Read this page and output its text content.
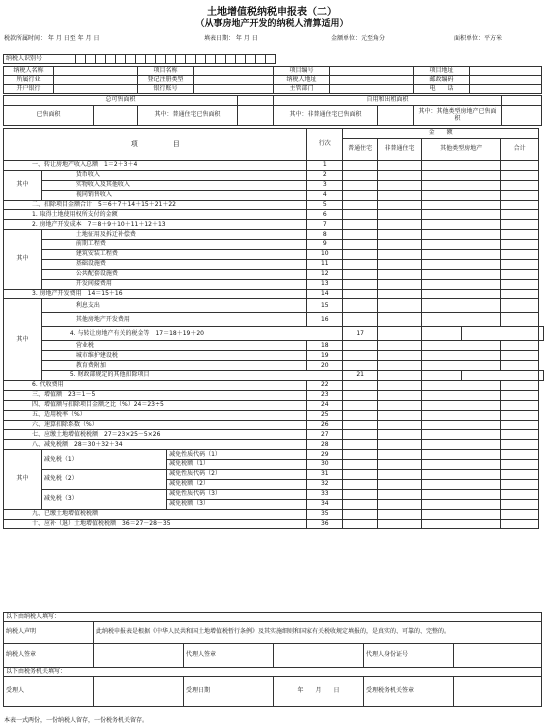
土地增值税纳税申报表（二）
（从事房地产开发的纳税人清算适用）
税款所属时间： 年 月 日至 年 月 日	填表日期： 年 月 日	金额单位：元至角分	面积单位：平方米
纳税人识别号																				
纳税人名称		项目名称		项目编号		项目地址	
所属行业		登记注册类型		纳税人地址		邮政编码	
开户银行		银行账号		主管部门		电　　话	
总可售面积				自用和出租面积			
已售面积		其中：普通住宅已售面积		其中：非普通住宅已售面积		其中：其他类型房地产已售面积	
项　　　　　目			行次	金　　额					
				普通住宅	非普通住宅	其他类型房地产		合计	
一、转让房地产收入总额　1＝2＋3＋4			1						
其中	货币收入		2						
	实物收入及其他收入		3						
	视同销售收入		4						
二、扣除项目金额合计　5＝6＋7＋14＋15＋21＋22			5						
1. 取得土地使用权所支付的金额			6						
2. 房地产开发成本　7＝8＋9＋10＋11＋12＋13			7						
其中	土地征用及拆迁补偿费		8						
	前期工程费		9						
	建筑安装工程费		10						
	基础设施费		11						
	公共配套设施费		12						
	开发间接费用		13						
3. 房地产开发费用　14＝15＋16			14						
其中	利息支出		15						
	其他房地产开发费用		16						
	4. 与转让房地产有关的税金等　17＝18＋19＋20			17					
	营业税		18						
	城市维护建设税		19						
	教育费附加		20						
	5. 财政部规定的其他扣除项目			21					
6. 代收费用			22						
三、增值额　23＝1－5			23						
四、增值额与扣除项目金额之比（%）24＝23÷5			24						
五、适用税率（%）			25						
六、速算扣除系数（%）			26						
七、应缴土地增值税税额　27＝23×25－5×26			27						
八、减免税额　28＝30＋32＋34			28						
其中	减免税（1）	减免性质代码（1）	29						
		减免税额（1）	30						
	减免税（2）	减免性质代码（2）	31						
		减免税额（2）	32						
	减免税（3）	减免性质代码（3）	33						
		减免税额（3）	34						
九、已缴土地增值税税额			35						
十、应补（退）土地增值税税额　36＝27－28－35			36						
以下由纳税人填写：					
纳税人声明	此纳税申报表是根据《中华人民共和国土地增值税暂行条例》及其实施细则和国家有关税收规定填报的，是真实的、可靠的、完整的。				
纳税人签章		代理人签章		代理人身份证号	
以下由税务机关填写：					
受理人		受理日期	年　　月　　日	受理税务机关签章	
本表一式两份，一份纳税人留存，一份税务机关留存。
